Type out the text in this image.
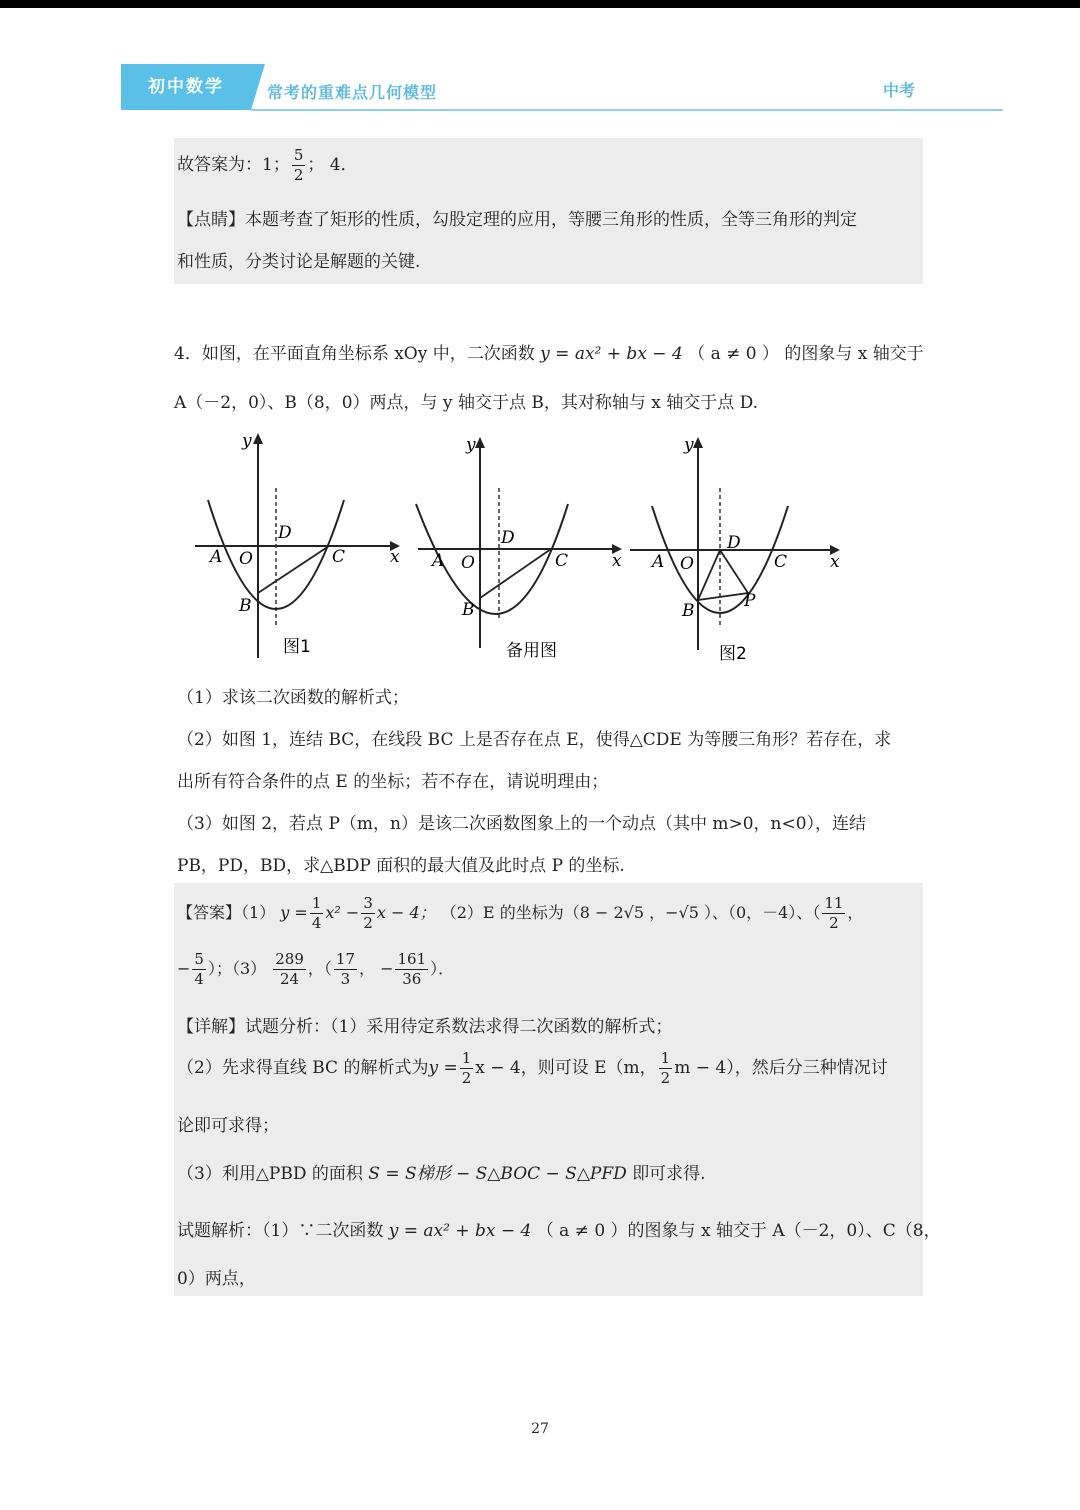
初中数学	常考的重难点几何模型	中考
故答案为：1； $\frac{5}{2}$ ； 4．
【点睛】本题考查了矩形的性质，勾股定理的应用，等腰三角形的性质，全等三角形的判定
和性质，分类讨论是解题的关键.
4．如图，在平面直角坐标系 xOy 中，二次函数 y = ax² + bx − 4 （ a ≠ 0 ） 的图象与 x 轴交于
A（－2，0）、B（8，0）两点，与 y 轴交于点 B，其对称轴与 x 轴交于点 D.
y
x
A O
D
C
B
图1
y
x
A O
D
C
B
备用图
y
x
A O
D
C
B	P
图2
（1）求该二次函数的解析式；
（2）如图 1，连结 BC，在线段 BC 上是否存在点 E，使得△CDE 为等腰三角形？若存在，求
出所有符合条件的点 E 的坐标；若不存在，请说明理由；
（3）如图 2，若点 P（m，n）是该二次函数图象上的一个动点（其中 m>0，n<0），连结
PB，PD，BD，求△BDP 面积的最大值及此时点 P 的坐标.
【答案】（1） $y = \frac{1}{4} x^2 - \frac{3}{2}$ x − 4； （2）E 的坐标为（8 − 2√5 ，−√5 ）、（0，－4）、（ $\frac{11}{2}$ ，
− $\frac{5}{4}$ ）；$(3) \frac{289}{24}$ ，（ $\frac{17}{3}$ ， − $\frac{161}{36}$ ）．
【详解】试题分析：（1）采用待定系数法求得二次函数的解析式；
（2）先求得直线 BC 的解析式为$y = \frac{1}{2}$ x − 4，则可设 E（m， $\frac{1}{2}$ m − 4），然后分三种情况讨
论即可求得；
（3）利用△PBD 的面积 S = S梯形 − S△BOC − S△PFD 即可求得.
试题解析：（1）∵二次函数 y = ax² + bx − 4 （ a ≠ 0 ）的图象与 x 轴交于 A（－2，0）、C（8，
0）两点，
27
